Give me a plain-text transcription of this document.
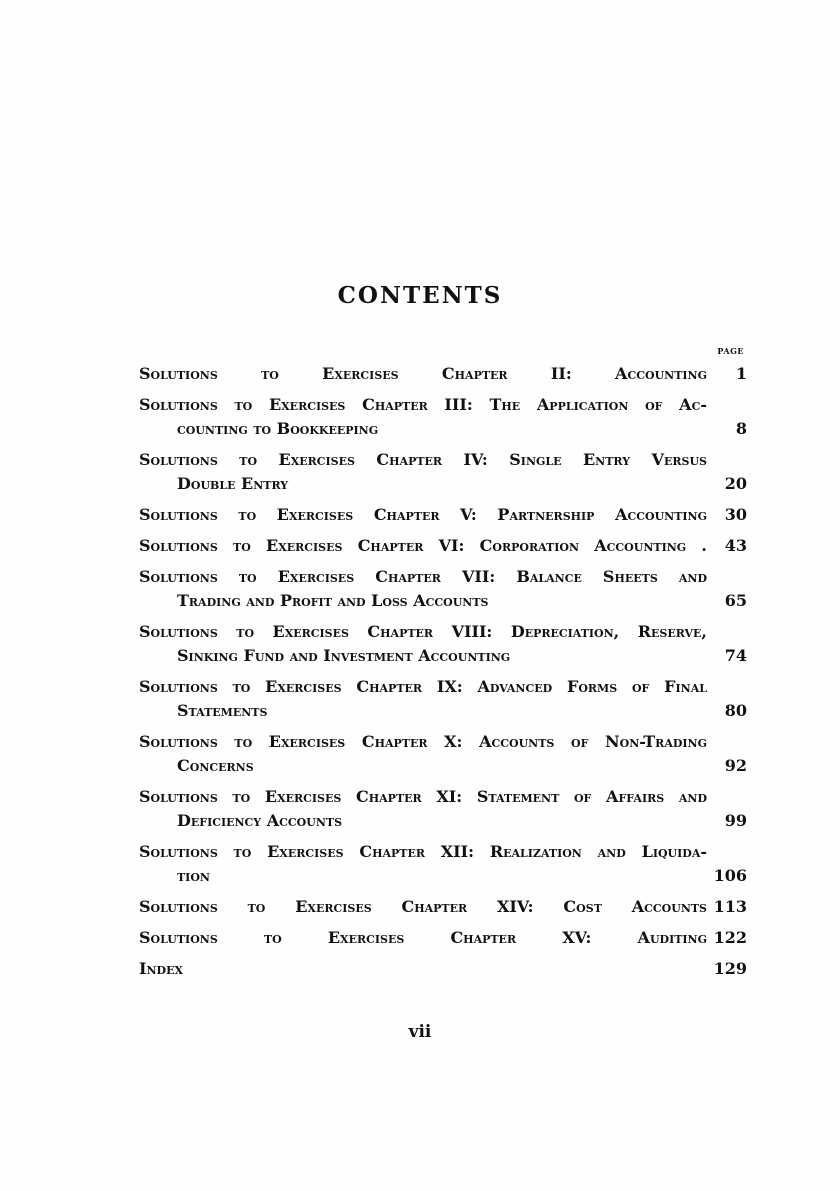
CONTENTS
PAGE
Solutions to Exercises Chapter II: Accounting	1
Solutions to Exercises Chapter III: The Application of Ac-
counting to Bookkeeping	8
Solutions to Exercises Chapter IV: Single Entry Versus
Double Entry	20
Solutions to Exercises Chapter V: Partnership Accounting	30
Solutions to Exercises Chapter VI: Corporation Accounting .	43
Solutions to Exercises Chapter VII: Balance Sheets and
Trading and Profit and Loss Accounts	65
Solutions to Exercises Chapter VIII: Depreciation, Reserve,
Sinking Fund and Investment Accounting	74
Solutions to Exercises Chapter IX: Advanced Forms of Final
Statements	80
Solutions to Exercises Chapter X: Accounts of Non-Trading
Concerns	92
Solutions to Exercises Chapter XI: Statement of Affairs and
Deficiency Accounts	99
Solutions to Exercises Chapter XII: Realization and Liquida-
tion	106
Solutions to Exercises Chapter XIV: Cost Accounts 113
Solutions to Exercises Chapter XV: Auditing 122
Index	129
vii
